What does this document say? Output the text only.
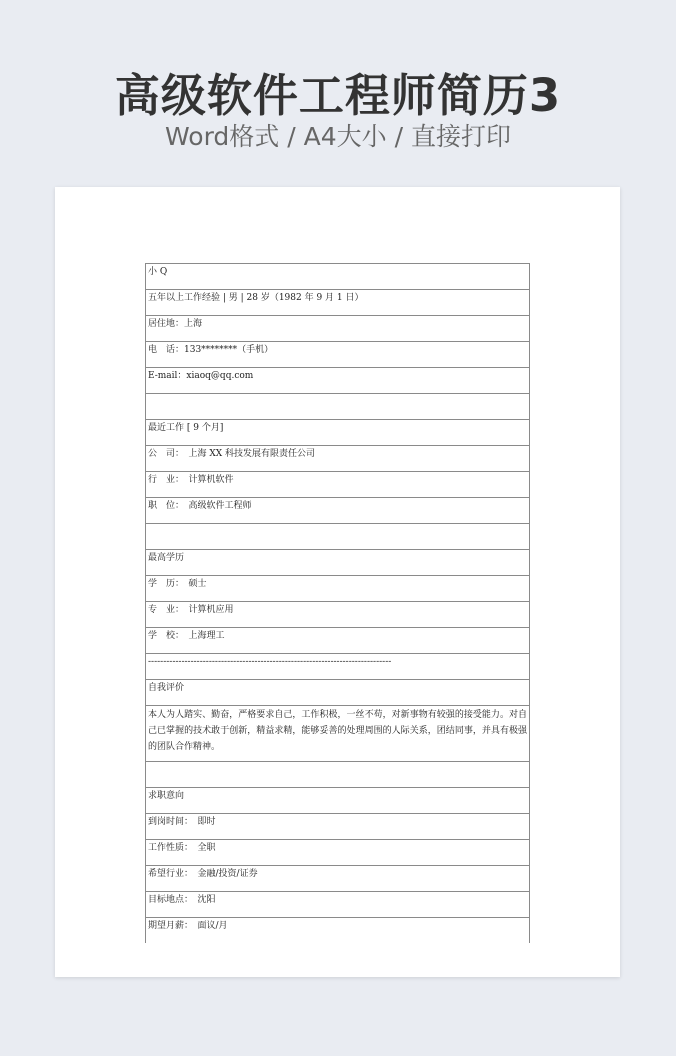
高级软件工程师简历3
Word格式 / A4大小 / 直接打印
小 Q
五年以上工作经验 | 男 | 28 岁（1982 年 9 月 1 日）
居住地：上海
电　话：133********（手机）
E-mail：xiaoq@qq.com

最近工作 [ 9 个月]
公　司：　上海 XX 科技发展有限责任公司
行　业：　计算机软件
职　位：　高级软件工程师

最高学历
学　历：　硕士
专　业：　计算机应用
学　校：　上海理工
--------------------------------------------------------------------------------
自我评价
本人为人踏实、勤奋，严格要求自己，工作积极，一丝不苟，对新事物有较强的接受能力。对自己已掌握的技术敢于创新，精益求精，能够妥善的处理周围的人际关系，团结同事，并具有极强的团队合作精神。

求职意向
到岗时间：　即时
工作性质：　全职
希望行业：　金融/投资/证券
目标地点：　沈阳
期望月薪：　面议/月
